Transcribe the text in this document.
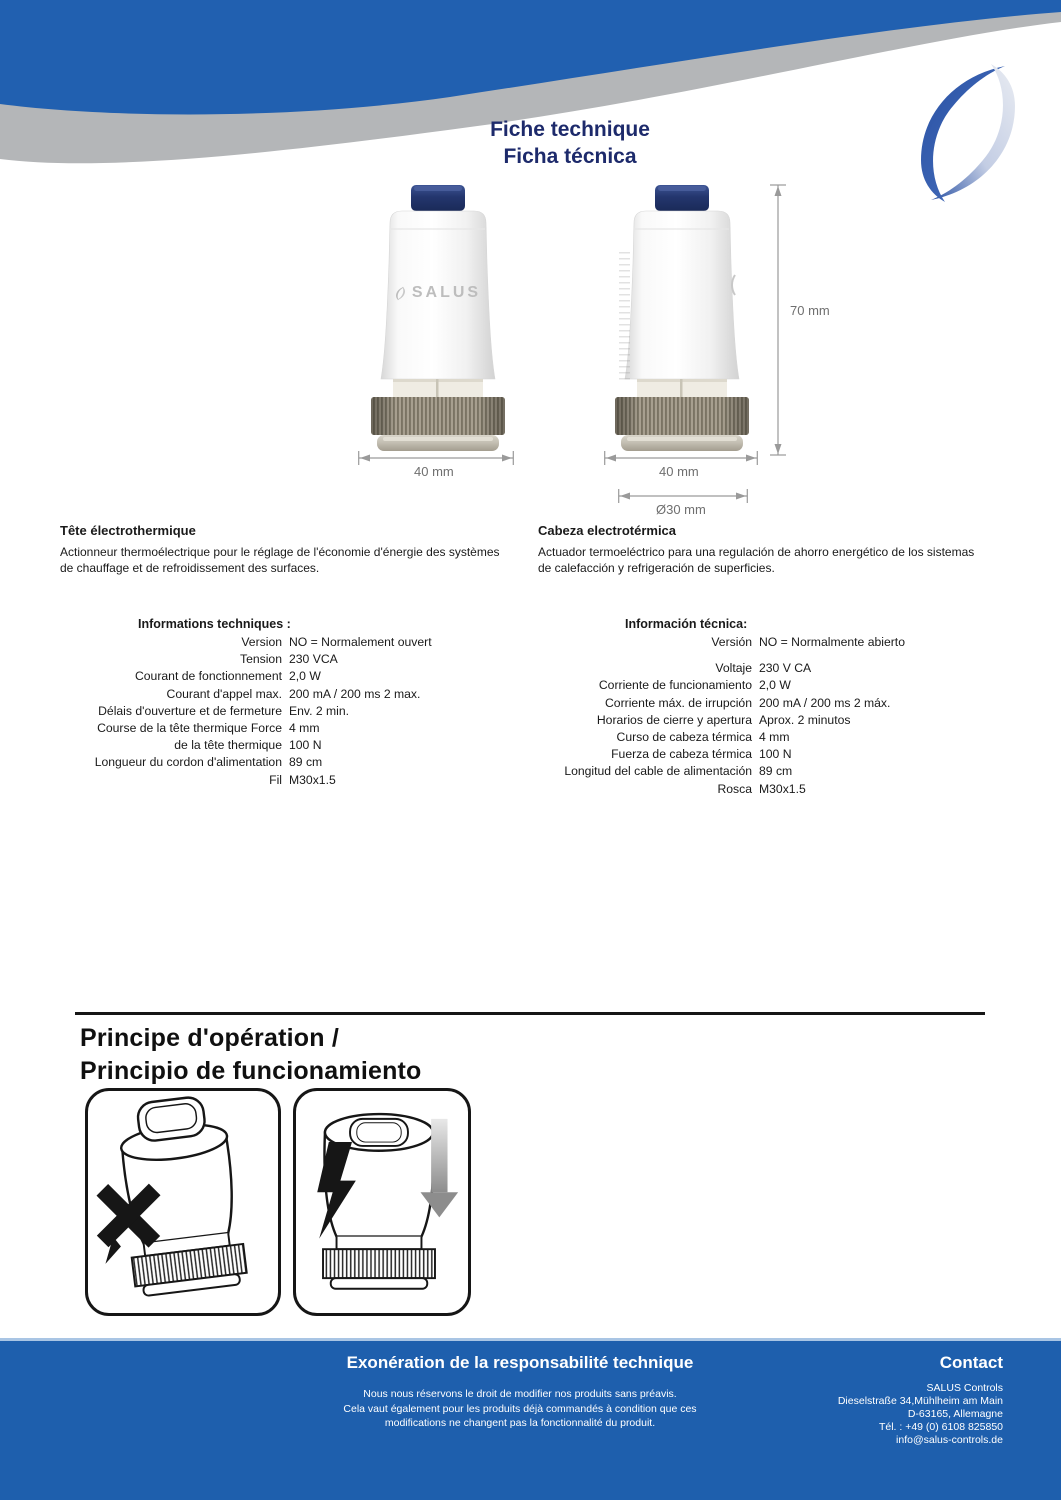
Fiche technique
Ficha técnica
SALUS
70 mm
40 mm	40 mm
Ø30 mm
Tête électrothermique
Actionneur thermoélectrique pour le réglage de l'économie d'énergie des systèmes de chauffage et de refroidissement des surfaces.
Informations techniques :
Version NO = Normalement ouvert
Tension 230 VCA
Courant de fonctionnement 2,0 W
Courant d'appel max. 200 mA / 200 ms 2 max.
Délais d'ouverture et de fermeture Env. 2 min.
Course de la tête thermique Force 4 mm
de la tête thermique 100 N
Longueur du cordon d'alimentation 89 cm
Fil M30x1.5
Cabeza electrotérmica
Actuador termoeléctrico para una regulación de ahorro energético de los sistemas de calefacción y refrigeración de superficies.
Información técnica:
Versión NO = Normalmente abierto
Voltaje 230 V CA
Corriente de funcionamiento 2,0 W
Corriente máx. de irrupción 200 mA / 200 ms 2 máx.
Horarios de cierre y apertura Aprox. 2 minutos
Curso de cabeza térmica 4 mm
Fuerza de cabeza térmica 100 N
Longitud del cable de alimentación 89 cm
Rosca M30x1.5
Principe d'opération /
Principio de funcionamiento
Exonération de la responsabilité technique
Nous nous réservons le droit de modifier nos produits sans préavis.
Cela vaut également pour les produits déjà commandés à condition que ces
modifications ne changent pas la fonctionnalité du produit.
Contact
SALUS Controls
Dieselstraße 34,Mühlheim am Main
D-63165, Allemagne
Tél. : +49 (0) 6108 825850
info@salus-controls.de
